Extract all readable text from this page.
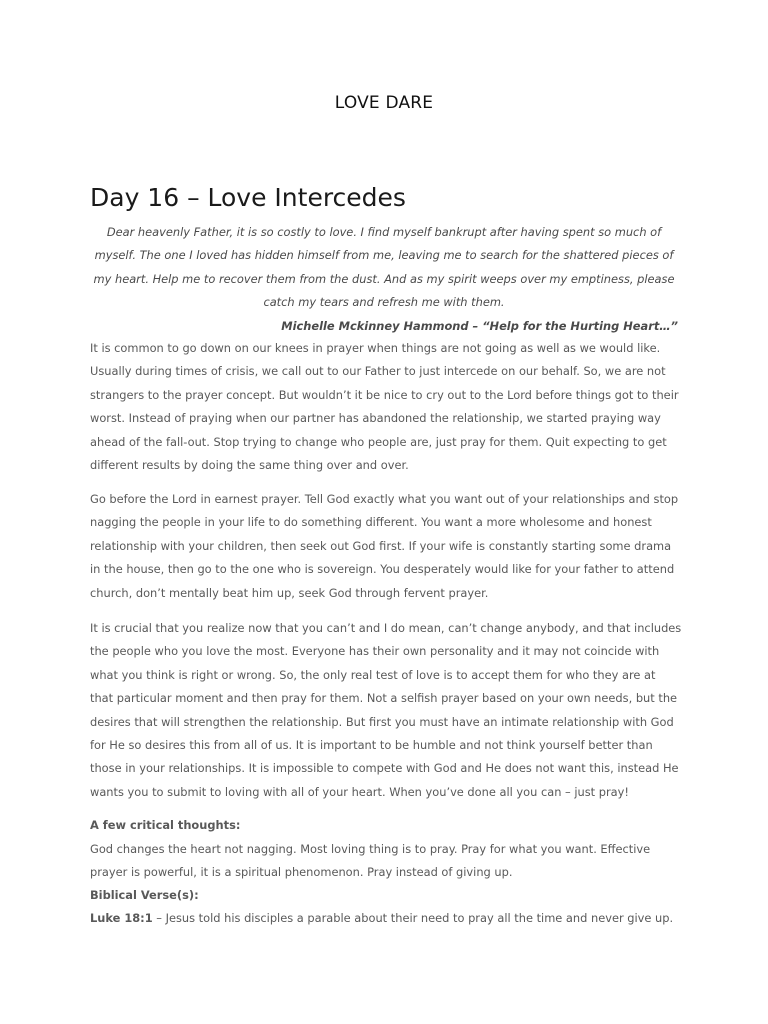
LOVE DARE
Day 16 – Love Intercedes

Dear heavenly Father, it is so costly to love. I find myself bankrupt after having spent so much of myself. The one I loved has hidden himself from me, leaving me to search for the shattered pieces of my heart. Help me to recover them from the dust. And as my spirit weeps over my emptiness, please catch my tears and refresh me with them.

Michelle Mckinney Hammond – “Help for the Hurting Heart…”

It is common to go down on our knees in prayer when things are not going as well as we would like. Usually during times of crisis, we call out to our Father to just intercede on our behalf. So, we are not strangers to the prayer concept. But wouldn’t it be nice to cry out to the Lord before things got to their worst. Instead of praying when our partner has abandoned the relationship, we started praying way ahead of the fall-out. Stop trying to change who people are, just pray for them. Quit expecting to get different results by doing the same thing over and over.

Go before the Lord in earnest prayer. Tell God exactly what you want out of your relationships and stop nagging the people in your life to do something different. You want a more wholesome and honest relationship with your children, then seek out God first. If your wife is constantly starting some drama in the house, then go to the one who is sovereign. You desperately would like for your father to attend church, don’t mentally beat him up, seek God through fervent prayer.

It is crucial that you realize now that you can’t and I do mean, can’t change anybody, and that includes the people who you love the most. Everyone has their own personality and it may not coincide with what you think is right or wrong. So, the only real test of love is to accept them for who they are at that particular moment and then pray for them. Not a selfish prayer based on your own needs, but the desires that will strengthen the relationship. But first you must have an intimate relationship with God for He so desires this from all of us. It is important to be humble and not think yourself better than those in your relationships. It is impossible to compete with God and He does not want this, instead He wants you to submit to loving with all of your heart. When you’ve done all you can – just pray!

A few critical thoughts:

God changes the heart not nagging. Most loving thing is to pray. Pray for what you want. Effective prayer is powerful, it is a spiritual phenomenon. Pray instead of giving up.

Biblical Verse(s):

Luke 18:1 – Jesus told his disciples a parable about their need to pray all the time and never give up.
